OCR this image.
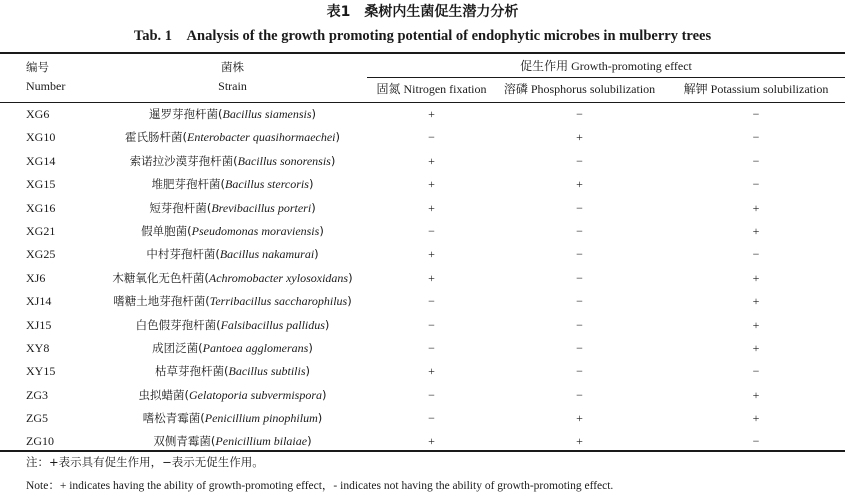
表1　桑树内生菌促生潜力分析
Tab. 1　Analysis of the growth promoting potential of endophytic microbes in mulberry trees
编号
Number
菌株
Strain
促生作用 Growth-promoting effect
固氮 Nitrogen fixation	溶磷 Phosphorus solubilization	解钾 Potassium solubilization
XG6	暹罗芽孢杆菌(Bacillus siamensis)	+	−	−
XG10	霍氏肠杆菌(Enterobacter quasihormaechei)	−	+	−
XG14	索诺拉沙漠芽孢杆菌(Bacillus sonorensis)	+	−	−
XG15	堆肥芽孢杆菌(Bacillus stercoris)	+	+	−
XG16	短芽孢杆菌(Brevibacillus porteri)	+	−	+
XG21	假单胞菌(Pseudomonas moraviensis)	−	−	+
XG25	中村芽孢杆菌(Bacillus nakamurai)	+	−	−
XJ6	木糖氧化无色杆菌(Achromobacter xylosoxidans)	+	−	+
XJ14	嗜糖土地芽孢杆菌(Terribacillus saccharophilus)	−	−	+
XJ15	白色假芽孢杆菌(Falsibacillus pallidus)	−	−	+
XY8	成团泛菌(Pantoea agglomerans)	−	−	+
XY15	枯草芽孢杆菌(Bacillus subtilis)	+	−	−
ZG3	虫拟蜡菌(Gelatoporia subvermispora)	−	−	+
ZG5	嗜松青霉菌(Penicillium pinophilum)	−	+	+
ZG10	双侧青霉菌(Penicillium bilaiae)	+	+	−
注：+表示具有促生作用，−表示无促生作用。
Note：+ indicates having the ability of growth-promoting effect，- indicates not having the ability of growth-promoting effect.
